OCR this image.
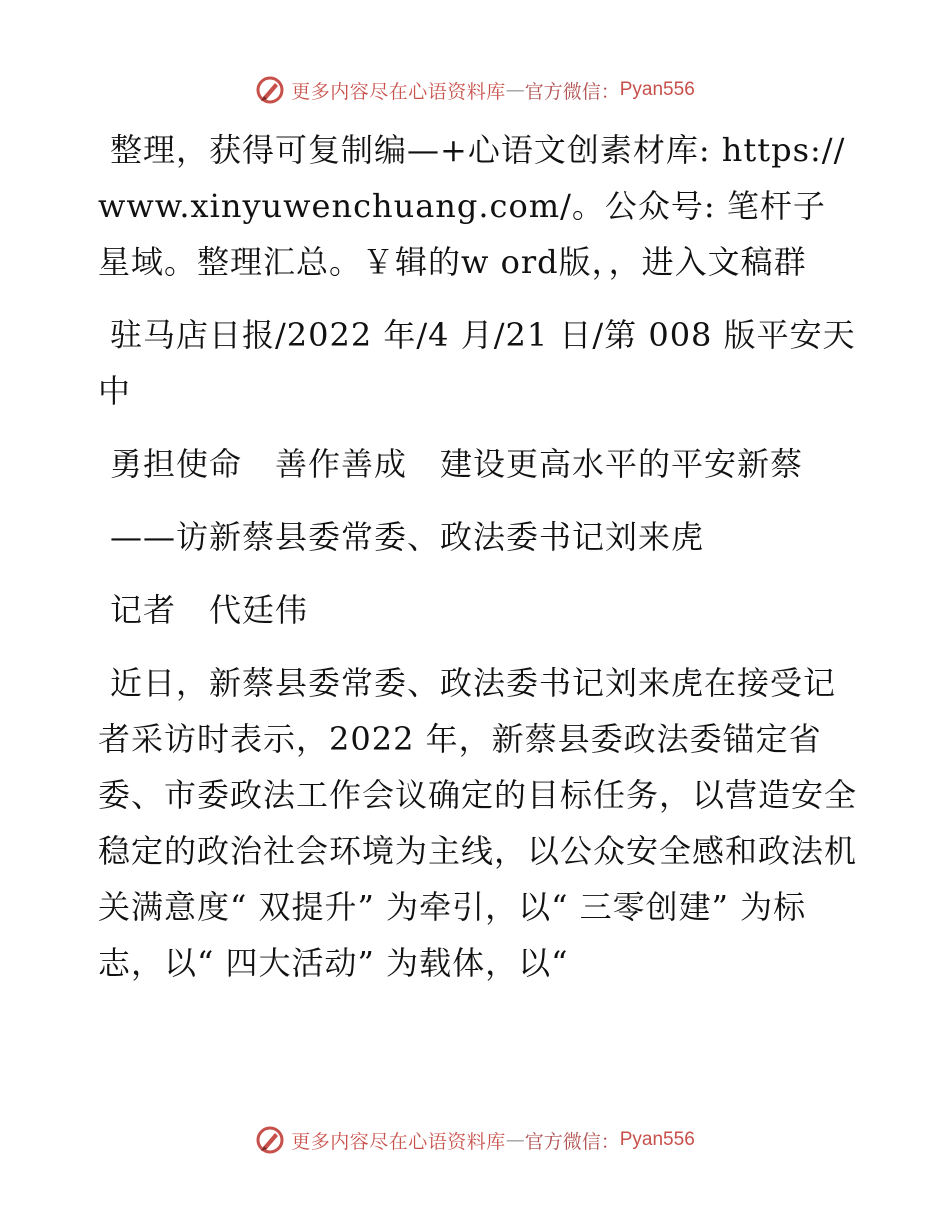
更多内容尽在心语资料库 — 官方微信： Pyan556

整理，获得可复制编—+心语文创素材库: https://www.xinyuwenchuang.com/。公众号: 笔杆子星域。整理汇总。￥辑的w ord版，，进入文稿群

驻马店日报/2022 年/4 月/21 日/第 008 版平安天中

勇担使命　善作善成　建设更高水平的平安新蔡

——访新蔡县委常委、政法委书记刘来虎

记者　代廷伟

近日，新蔡县委常委、政法委书记刘来虎在接受记者采访时表示，2022 年，新蔡县委政法委锚定省委、市委政法工作会议确定的目标任务，以营造安全稳定的政治社会环境为主线，以公众安全感和政法机关满意度“ 双提升” 为牵引，以“ 三零创建” 为标志，以“ 四大活动” 为载体，以“

更多内容尽在心语资料库 — 官方微信： Pyan556
